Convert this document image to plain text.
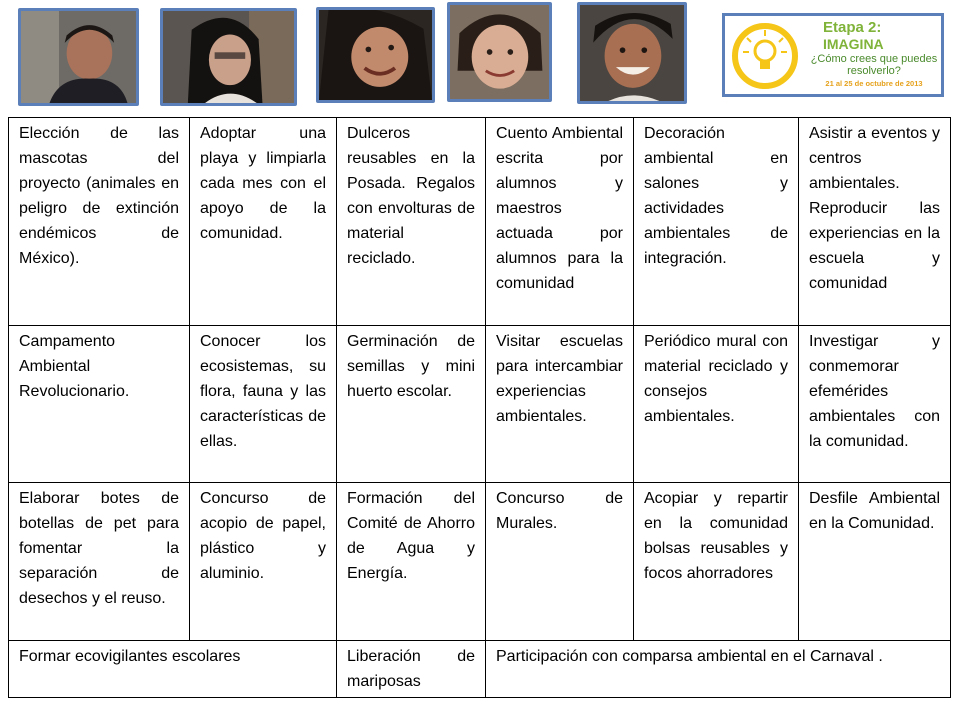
Etapa 2:
IMAGINA
¿Cómo crees que puedes resolverlo?
21 al 25 de octubre de 2013
Elección de las mascotas del proyecto (animales en peligro de extinción endémicos de México).	Adoptar una playa y limpiarla cada mes con el apoyo de la comunidad.	Dulceros reusables en la Posada. Regalos con envolturas de material reciclado.	Cuento Ambiental escrita por alumnos y maestros actuada por alumnos para la comunidad	Decoración ambiental en salones y actividades ambientales de integración.	Asistir a eventos y centros ambientales. Reproducir las experiencias en la escuela y comunidad
Campamento Ambiental Revolucionario.	Conocer los ecosistemas, su flora, fauna y las características de ellas.	Germinación de semillas y mini huerto escolar.	Visitar escuelas para intercambiar experiencias ambientales.	Periódico mural con material reciclado y consejos ambientales.	Investigar y conmemorar efemérides ambientales con la comunidad.
Elaborar botes de botellas de pet para fomentar la separación de desechos y el reuso.	Concurso de acopio de papel, plástico y aluminio.	Formación del Comité de Ahorro de Agua y Energía.	Concurso de Murales.	Acopiar y repartir en la comunidad bolsas reusables y focos ahorradores	Desfile Ambiental en la Comunidad.
Formar ecovigilantes escolares		Liberación de mariposas	Participación con comparsa ambiental en el Carnaval .		
